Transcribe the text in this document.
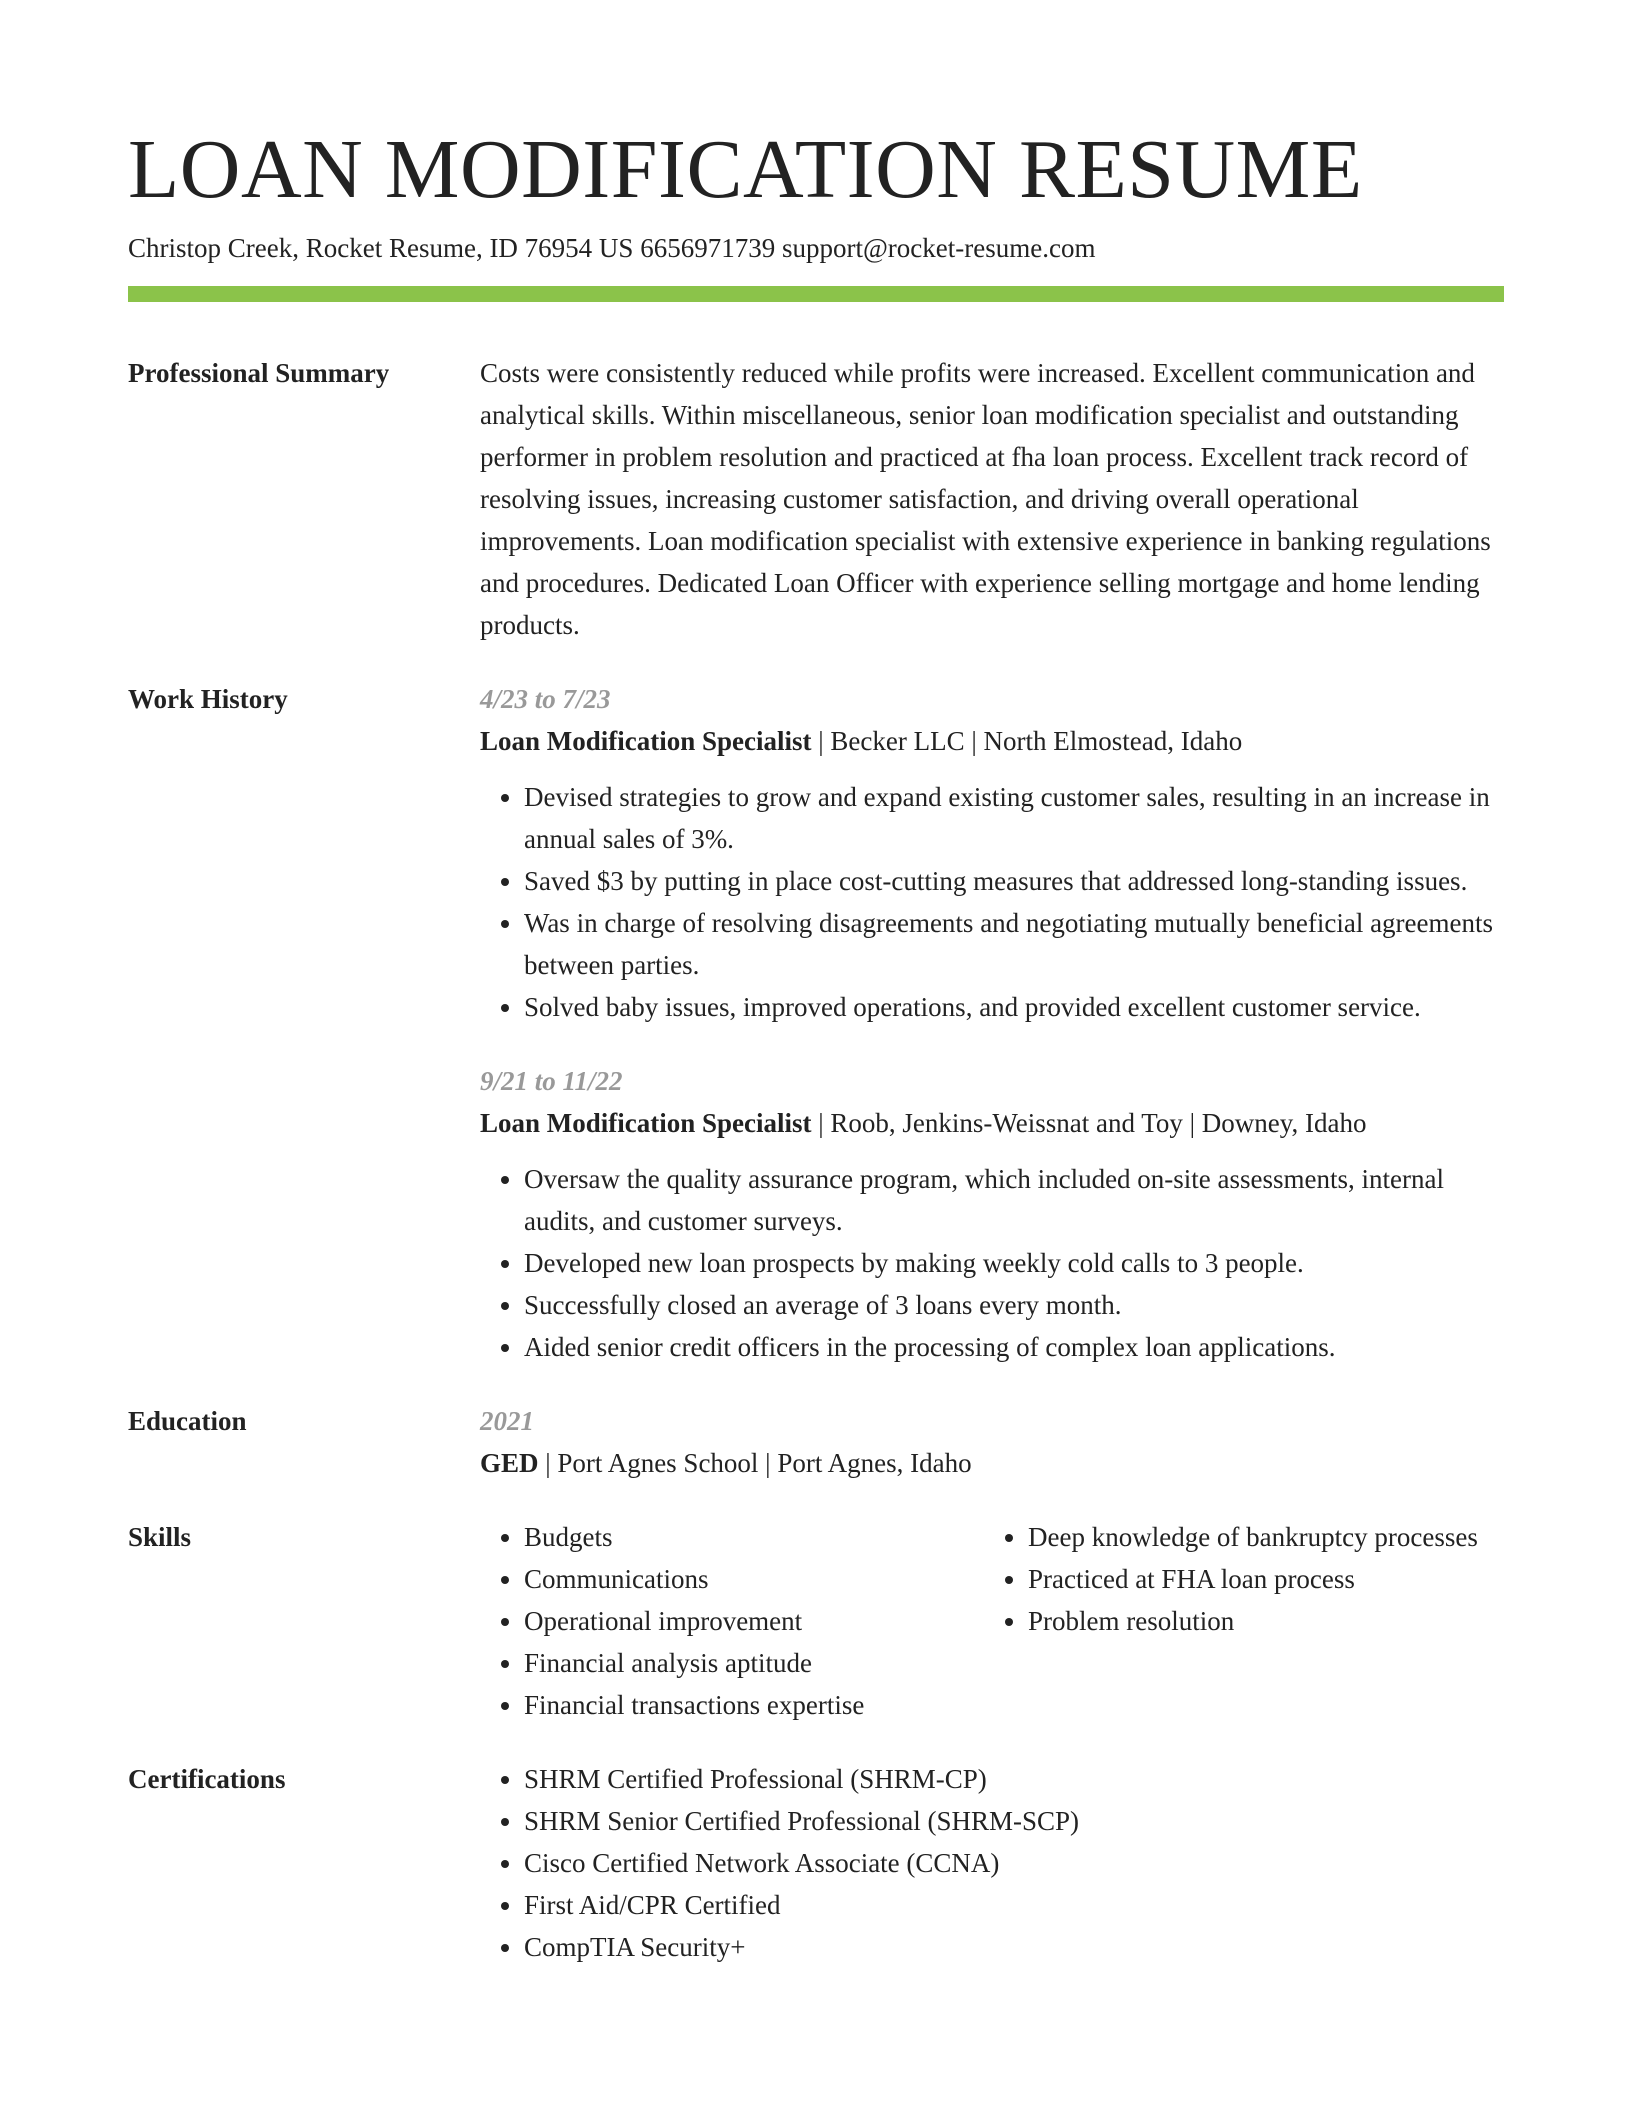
LOAN MODIFICATION RESUME
Christop Creek, Rocket Resume, ID 76954 US 6656971739 support@rocket-resume.com
Professional Summary	Costs were consistently reduced while profits were increased. Excellent communication and analytical skills. Within miscellaneous, senior loan modification specialist and outstanding performer in problem resolution and practiced at fha loan process. Excellent track record of resolving issues, increasing customer satisfaction, and driving overall operational improvements. Loan modification specialist with extensive experience in banking regulations and procedures. Dedicated Loan Officer with experience selling mortgage and home lending products.
Work History	4/23 to 7/23
Loan Modification Specialist | Becker LLC | North Elmostead, Idaho
• Devised strategies to grow and expand existing customer sales, resulting in an increase in annual sales of 3%.
• Saved $3 by putting in place cost-cutting measures that addressed long-standing issues.
• Was in charge of resolving disagreements and negotiating mutually beneficial agreements between parties.
• Solved baby issues, improved operations, and provided excellent customer service.
9/21 to 11/22
Loan Modification Specialist | Roob, Jenkins-Weissnat and Toy | Downey, Idaho
• Oversaw the quality assurance program, which included on-site assessments, internal audits, and customer surveys.
• Developed new loan prospects by making weekly cold calls to 3 people.
• Successfully closed an average of 3 loans every month.
• Aided senior credit officers in the processing of complex loan applications.
Education	2021
GED | Port Agnes School | Port Agnes, Idaho
Skills	• Budgets
• Communications
• Operational improvement
• Financial analysis aptitude
• Financial transactions expertise
• Deep knowledge of bankruptcy processes
• Practiced at FHA loan process
• Problem resolution
Certifications	• SHRM Certified Professional (SHRM-CP)
• SHRM Senior Certified Professional (SHRM-SCP)
• Cisco Certified Network Associate (CCNA)
• First Aid/CPR Certified
• CompTIA Security+
